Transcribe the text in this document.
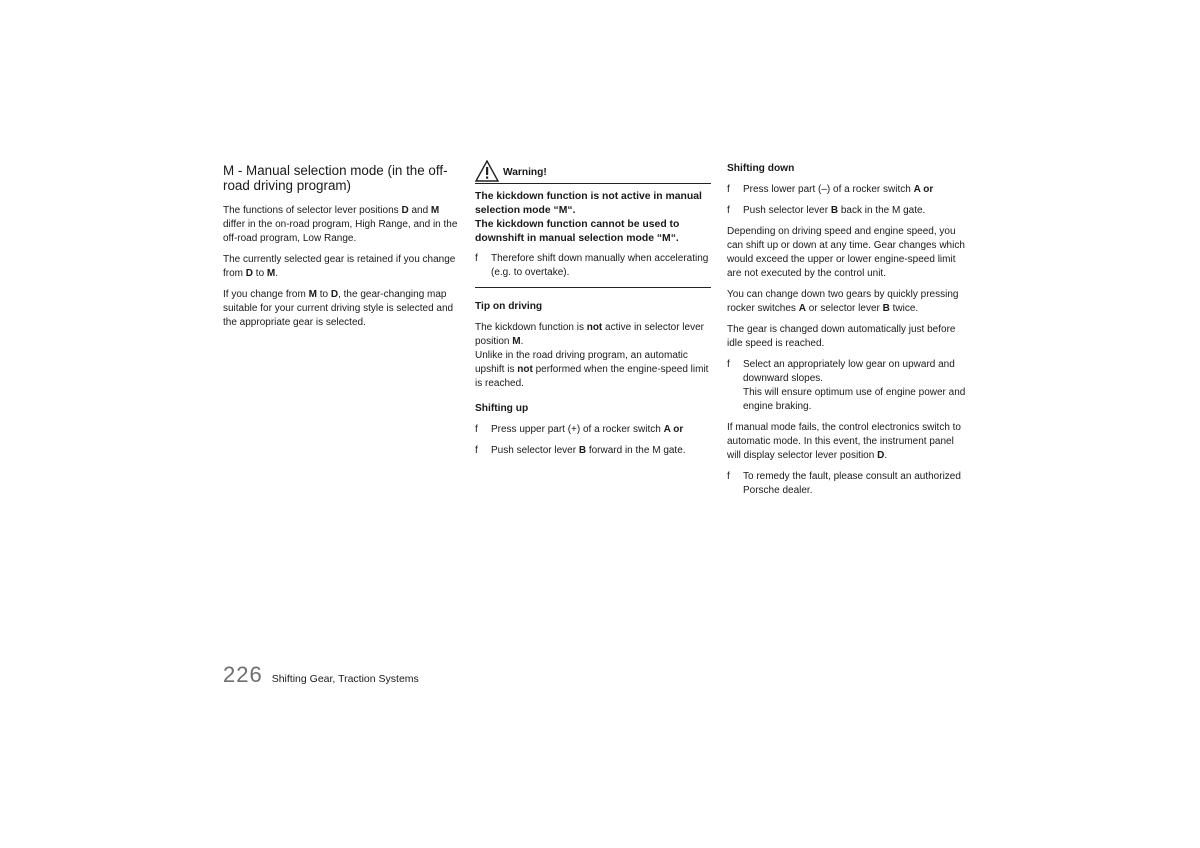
M - Manual selection mode (in the off-road driving program)

The functions of selector lever positions D and M differ in the on-road program, High Range, and in the off-road program, Low Range.

The currently selected gear is retained if you change from D to M.

If you change from M to D, the gear-changing map suitable for your current driving style is selected and the appropriate gear is selected.

Warning!
The kickdown function is not active in manual selection mode “M“.
The kickdown function cannot be used to downshift in manual selection mode “M“.
f Therefore shift down manually when accelerating (e.g. to overtake).
Tip on driving

The kickdown function is not active in selector lever position M.

Unlike in the road driving program, an automatic upshift is not performed when the engine-speed limit is reached.

Shifting up
f Press upper part (+) of a rocker switch A or
f Push selector lever B forward in the M gate.
Shifting down
f Press lower part (–) of a rocker switch A or
f Push selector lever B back in the M gate.

Depending on driving speed and engine speed, you can shift up or down at any time. Gear changes which would exceed the upper or lower engine-speed limit are not executed by the control unit.

You can change down two gears by quickly pressing rocker switches A or selector lever B twice.

The gear is changed down automatically just before idle speed is reached.

f Select an appropriately low gear on upward and downward slopes.
This will ensure optimum use of engine power and engine braking.

If manual mode fails, the control electronics switch to automatic mode. In this event, the instrument panel will display selector lever position D.

f To remedy the fault, please consult an authorized Porsche dealer.
226 Shifting Gear, Traction Systems
